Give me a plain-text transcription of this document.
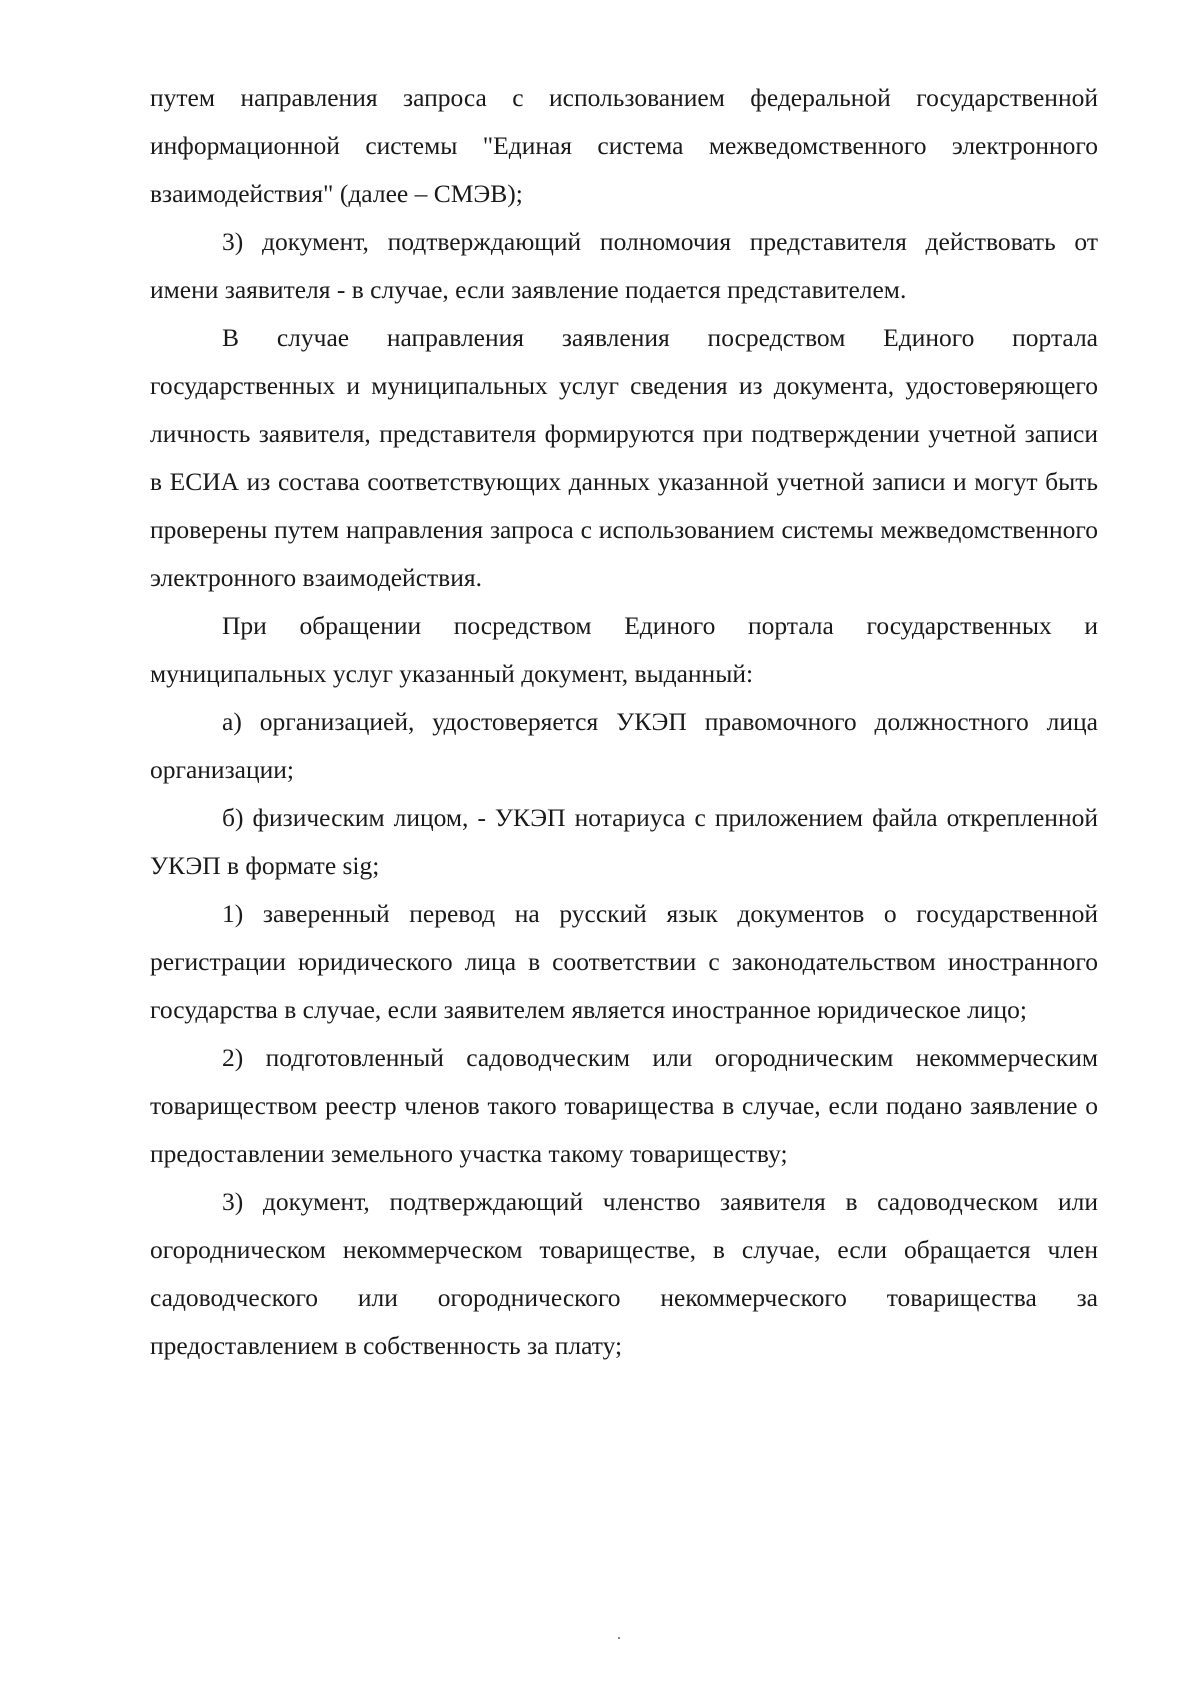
путем направления запроса с использованием федеральной государственной информационной системы "Единая система межведомственного электронного взаимодействия" (далее – СМЭВ);

3) документ, подтверждающий полномочия представителя действовать от имени заявителя - в случае, если заявление подается представителем.

В случае направления заявления посредством Единого портала государственных и муниципальных услуг сведения из документа, удостоверяющего личность заявителя, представителя формируются при подтверждении учетной записи в ЕСИА из состава соответствующих данных указанной учетной записи и могут быть проверены путем направления запроса с использованием системы межведомственного электронного взаимодействия.

При обращении посредством Единого портала государственных и муниципальных услуг указанный документ, выданный:

а) организацией, удостоверяется УКЭП правомочного должностного лица организации;

б) физическим лицом, - УКЭП нотариуса с приложением файла открепленной УКЭП в формате sig;

1) заверенный перевод на русский язык документов о государственной регистрации юридического лица в соответствии с законодательством иностранного государства в случае, если заявителем является иностранное юридическое лицо;

2) подготовленный садоводческим или огородническим некоммерческим товариществом реестр членов такого товарищества в случае, если подано заявление о предоставлении земельного участка такому товариществу;

3) документ, подтверждающий членство заявителя в садоводческом или огородническом некоммерческом товариществе, в случае, если обращается член садоводческого или огороднического некоммерческого товарищества за предоставлением в собственность за плату;
